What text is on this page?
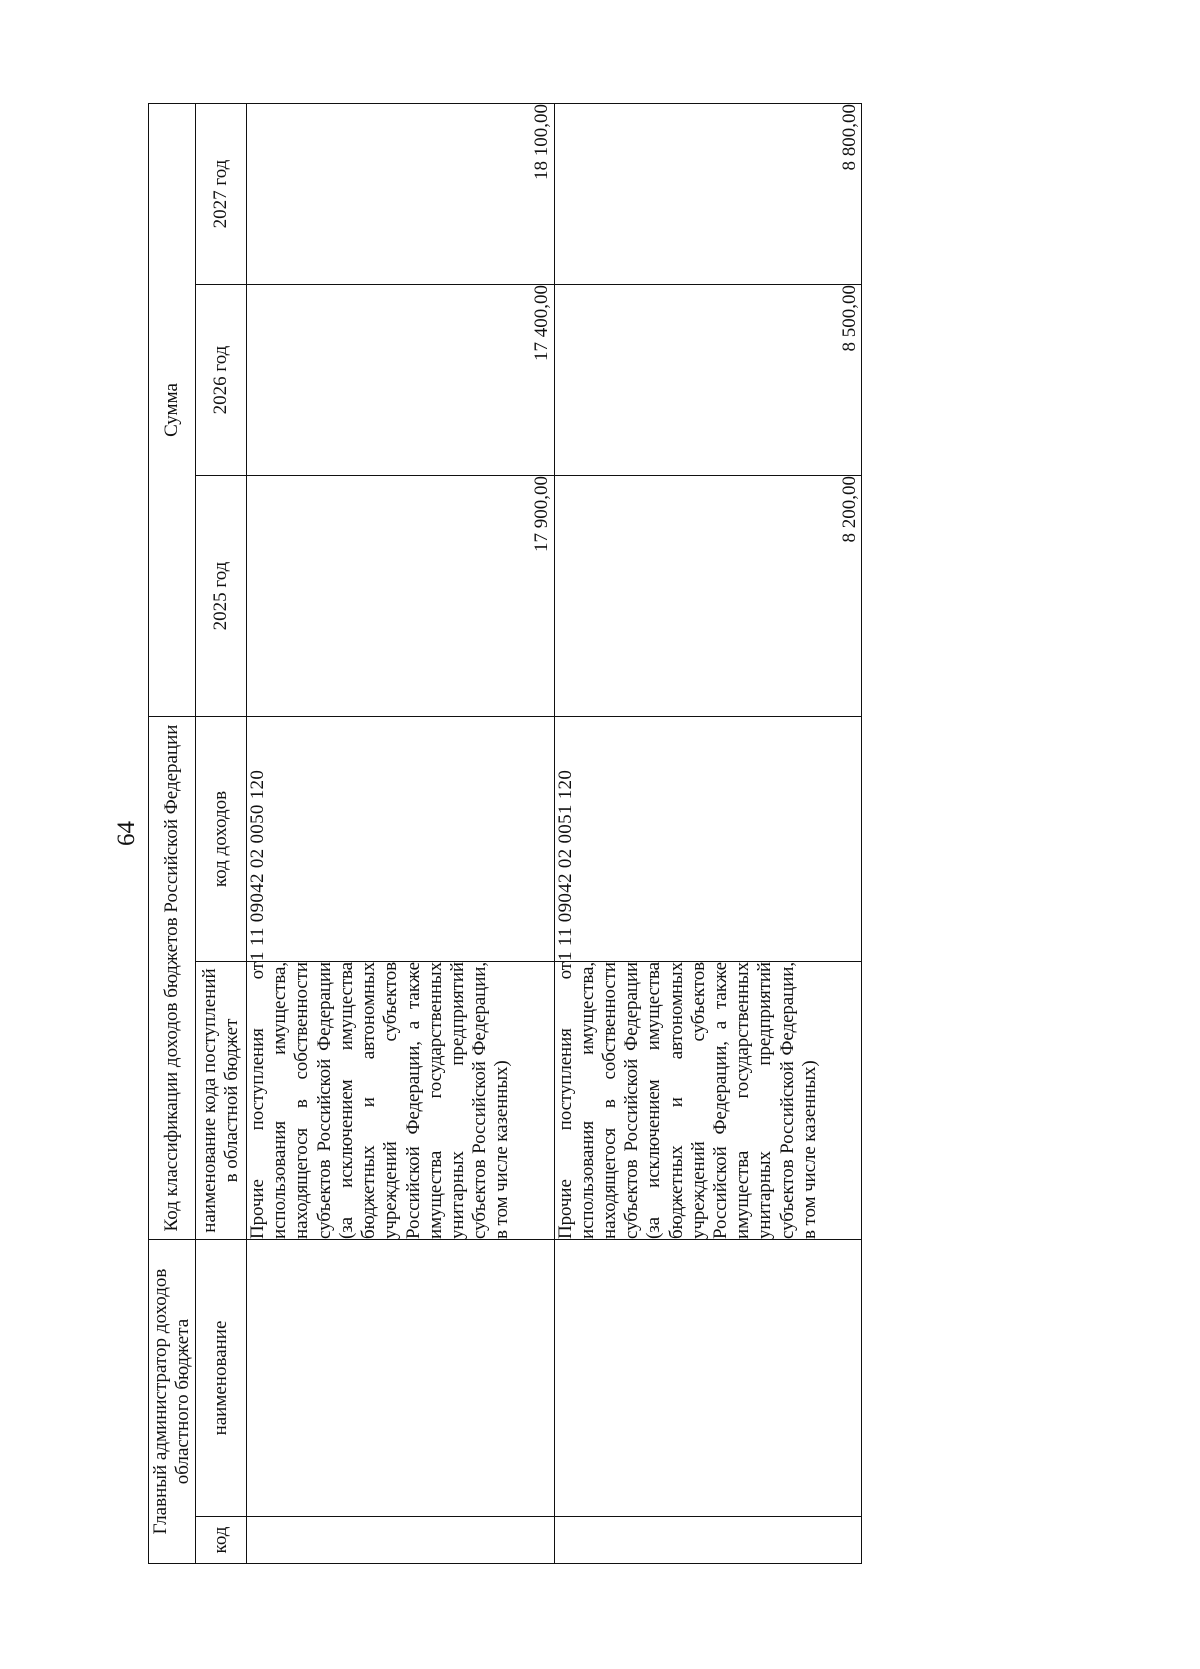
64
Главный администратор доходов областного бюджета		Код классификации доходов бюджетов Российской Федерации		Сумма		
код	наименование	наименование кода поступлений в областной бюджет	код доходов	2025 год	2026 год	2027 год
		Прочие поступления от использования имущества, находящегося в собственности субъектов Российской Федерации (за исключением имущества бюджетных и автономных учреждений субъектов Российской Федерации, а также имущества государственных унитарных предприятий субъектов Российской Федерации, в том числе казенных)	1 11 09042 02 0050 120	17 900,00	17 400,00	18 100,00
		Прочие поступления от использования имущества, находящегося в собственности субъектов Российской Федерации (за исключением имущества бюджетных и автономных учреждений субъектов Российской Федерации, а также имущества государственных унитарных предприятий субъектов Российской Федерации, в том числе казенных)	1 11 09042 02 0051 120	8 200,00	8 500,00	8 800,00
